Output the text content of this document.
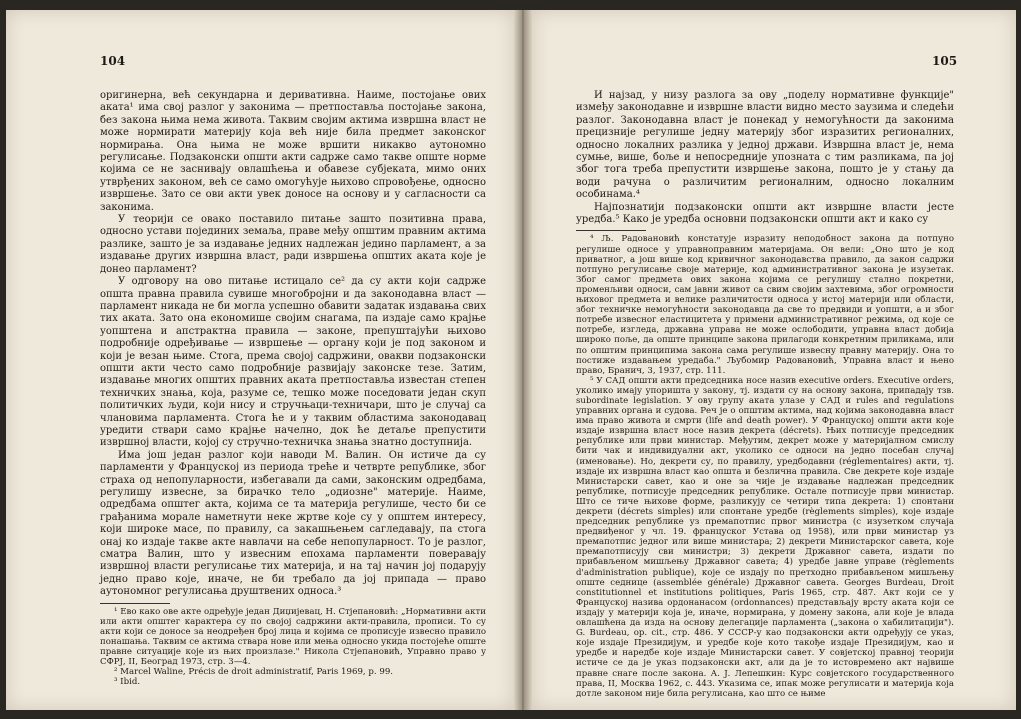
104

оригинерна, већ секундарна и деривативна. Наиме, постојање ових аката¹ има свој разлог у законима — претпоставља постојање закона, без закона њима нема живота. Таквим својим актима извршна власт не може нормирати материју која већ није била предмет законског нормирања. Она њима не може вршити никакво аутономно регулисање. Подзаконски општи акти садрже само такве опште норме којима се не заснивају овлашћења и обавезе субјеката, мимо оних утврђених законом, већ се само омогућује њихово спровођење, односно извршење. Зато се ови акти увек доносе на основу и у сагласности са законима.

У теорији се овако поставило питање зашто позитивна права, односно устави појединих земаља, праве међу општим правним актима разлике, зашто је за издавање једних надлежан једино парламент, а за издавање других извршна власт, ради извршења општих аката које је донео парламент?

У одговору на ово питање истицало се² да су акти који садрже општа правна правила сувише многобројни и да законодавна власт — парламент никада не би могла успешно обавити задатак издавања свих тих аката. Зато она економише својим снагама, па издаје само крајње уопштена и апстрактна правила — законе, препуштајући њихово подробније одређивање — извршење — органу који је под законом и који је везан њиме. Стога, према својој садржини, овакви подзаконски општи акти често само подробније развијају законске тезе. Затим, издавање многих општих правних аката претпоставља известан степен техничких знања, која, разуме се, тешко може поседовати један скуп политичких људи, који нису и стручњаци-техничари, што је случај са члановима парламента. Стога ће и у таквим областима законодавац уредити ствари само крајње начелно, док ће детаље препустити извршној власти, којој су стручно-техничка знања знатно доступнија.

Има још један разлог који наводи М. Валин. Он истиче да су парламенти у Француској из периода треће и четврте републике, због страха од непопуларности, избегавали да сами, законским одредбама, регулишу извесне, за бирачко тело „одиозне" материје. Наиме, одредбама општег акта, којима се та материја регулише, често би се грађанима морале наметнути неке жртве које су у општем интересу, који широке масе, по правилу, са закашњењем сагледавају, па стога онај ко издаје такве акте навлачи на себе непопуларност. То је разлог, сматра Валин, што у извесним епохама парламенти поверавају извршној власти регулисање тих материја, и на тај начин јој подарују једно право које, иначе, не би требало да јој припада — право аутономног регулисања друштвених односа.³

¹ Ево како ове акте одређује један Диџијевац, Н. Стјепановић: „Нормативни акти или акти општег карактера су по својој садржини акти-правила, прописи. То су акти који се доносе за неодређен број лица и којима се прописује извесно правило понашања. Таквим се актима ствара нове или мења односно укида постојеће опште правне ситуације које из њих произлазе." Никола Стјепановић, Управно право у СФРЈ, II, Београд 1973, стр. 3—4.

² Marcel Waline, Précis de droit administratif, Paris 1969, p. 99.

³ Ibid.

105

И најзад, у низу разлога за ову „поделу нормативне функције" између законодавне и извршне власти видно место заузима и следећи разлог. Законодавна власт је понекад у немогућности да законима прецизније регулише једну материју због изразитих регионалних, односно локалних разлика у једној држави. Извршна власт је, нема сумње, више, боље и непосредније упозната с тим разликама, па јој због тога треба препустити извршење закона, пошто је у стању да води рачуна о различитим регионалним, односно локалним особинама.⁴

Најпознатији подзаконски општи акт извршне власти јесте уредба.⁵ Како је уредба основни подзаконски општи акт и како су

⁴ Љ. Радовановић констатује изразиту неподобност закона да потпуно регулише односе у управноправним материјама. Он вели: „Оно што је код приватног, а још више код кривичног законодавства правило, да закон садржи потпуно регулисање своје материје, код административног закона је изузетак. Због самог предмета ових закона којима се регулишу стално покретни, променљиви односи, сам јавни живот са свим својим захтевима, због огромности њиховог предмета и велике различитости односа у истој материји или области, због техничке немогућности законодавца да све то предвиди и уопшти, а и због потребе извесног еластицитета у примени административног режима, од које се потребе, изгледа, државна управа не може ослободити, управна власт добија широко поље, да опште принципе закона прилагоди конкретним приликама, или по општим принципима закона сама регулише извесну правну материју. Она то постиже издавањем уредаба." Љубомир Радовановић, Управна власт и њено право, Бранич, 3, 1937, стр. 111.

⁵ У САД општи акти председника носе назив executive orders. Executive orders, уколико имају упоришта у закону, тј. издати су на основу закона, припадају тзв. subordinate legislation. У ову групу аката улазе у САД и rules and regulations управних органа и судова. Реч је о општим актима, над којима законодавна власт има право живота и смрти (life and death power). У Француској општи акти које издаје извршна власт носе назив декрета (décrets). Њих потписује председник републике или први министар. Међутим, декрет може у материјалном смислу бити чак и индивидуални акт, уколико се односи на једно посебан случај (именовање). Но, декрети су, по правилу, уредбодавни (réglementaires) акти, тј. издаје их извршна власт као општа и безлична правила. Све декрете које издаје Министарски савет, као и оне за чије је издавање надлежан председник републике, потписује председник републике. Остале потписује први министар. Што се тиче њихове форме, разликују се четири типа декрета: 1) спонтани декрети (décrets simples) или спонтане уредбе (règlements simples), које издаје председник републике уз премапотпис првог министра (с изузетком случаја предвиђеног у чл. 19. француског Устава од 1958), или први министар уз премапотпис једног или више министара; 2) декрети Министарског савета, које премапотписују сви министри; 3) декрети Државног савета, издати по прибављеном мишљењу Државног савета; 4) уредбе јавне управе (règlements d'administration publique), које се издају по претходно прибављеном мишљењу опште седнице (assemblée générale) Државног савета. Georges Burdeau, Droit constitutionnel et institutions politiques, Paris 1965, стр. 487. Акт који се у Француској назива ордонанасом (ordonnances) представљају врсту аката који се издају у материји која је, иначе, нормирана, у домену закона, али које је влада овлашћена да изда на основу делегације парламента („закона о хабилитацији"). G. Burdeau, op. cit., стр. 486. У СССР-у као подзаконски акти одређују се указ, које издаје Президијум, и уредбе које кото такође издаје Президијум, као и уредбе и наредбе које издаје Министарски савет. У совјетској правној теорији истиче се да је указ подзаконски акт, али да је то истовремено акт највише правне снаге после закона. А. Ј. Лепешкин: Курс совјетского государственного права, II, Москва 1962, с. 443. Указима се, ипак може регулисати и материја која дотле законом није била регулисана, као што се њиме
